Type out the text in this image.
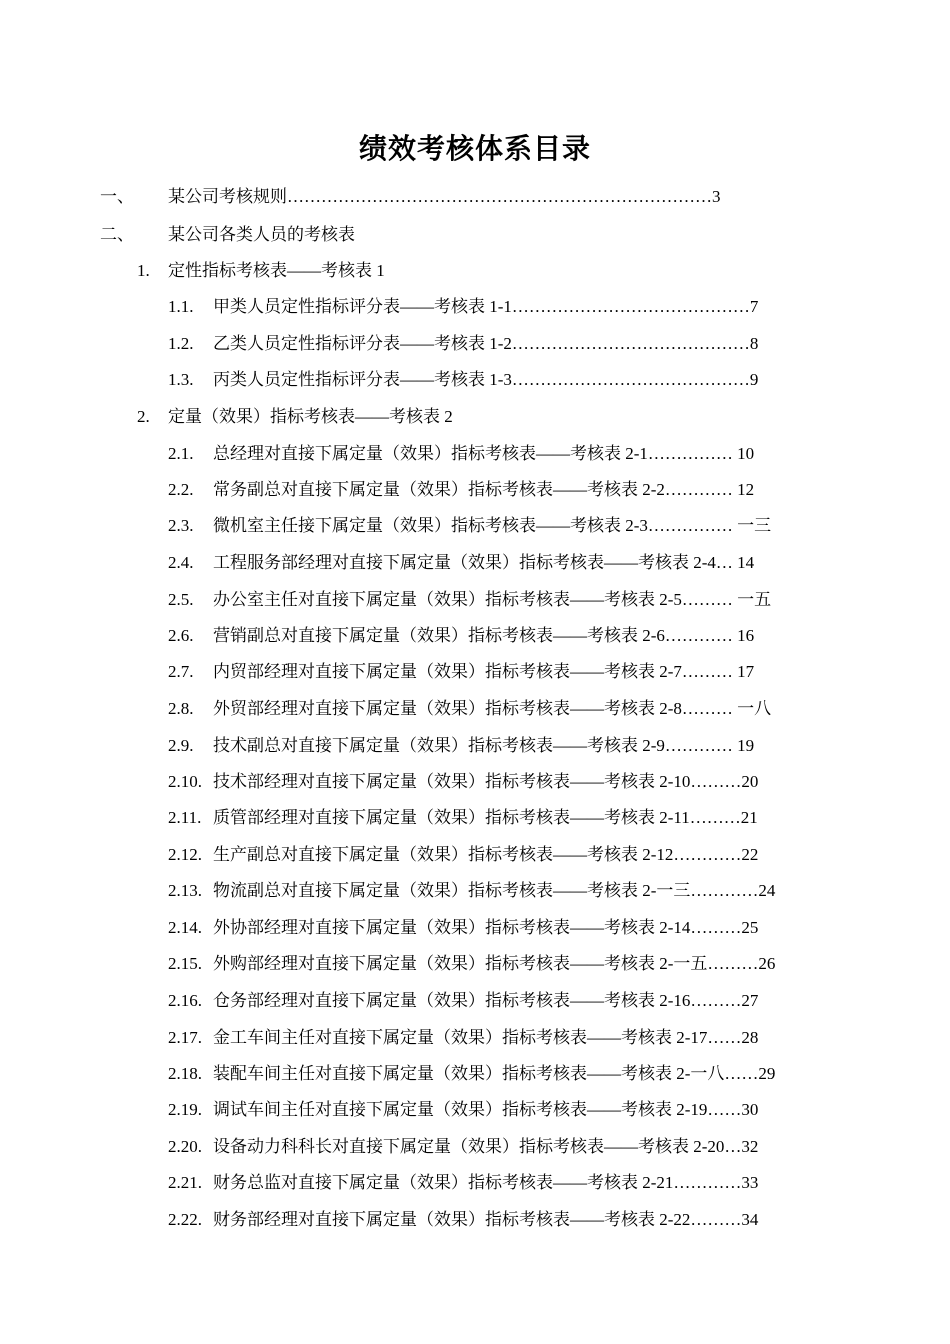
绩效考核体系目录
一、 某公司考核规则…………………………………………………………………3
二、 某公司各类人员的考核表
1. 定性指标考核表——考核表 1
1.1. 甲类人员定性指标评分表——考核表 1-1……………………………………7
1.2. 乙类人员定性指标评分表——考核表 1-2……………………………………8
1.3. 丙类人员定性指标评分表——考核表 1-3……………………………………9
2. 定量（效果）指标考核表——考核表 2
2.1. 总经理对直接下属定量（效果）指标考核表——考核表 2-1…………… 10
2.2. 常务副总对直接下属定量（效果）指标考核表——考核表 2-2………… 12
2.3. 微机室主任接下属定量（效果）指标考核表——考核表 2-3…………… 一三
2.4. 工程服务部经理对直接下属定量（效果）指标考核表——考核表 2-4… 14
2.5. 办公室主任对直接下属定量（效果）指标考核表——考核表 2-5……… 一五
2.6. 营销副总对直接下属定量（效果）指标考核表——考核表 2-6………… 16
2.7. 内贸部经理对直接下属定量（效果）指标考核表——考核表 2-7……… 17
2.8. 外贸部经理对直接下属定量（效果）指标考核表——考核表 2-8……… 一八
2.9. 技术副总对直接下属定量（效果）指标考核表——考核表 2-9………… 19
2.10. 技术部经理对直接下属定量（效果）指标考核表——考核表 2-10………20
2.11. 质管部经理对直接下属定量（效果）指标考核表——考核表 2-11………21
2.12. 生产副总对直接下属定量（效果）指标考核表——考核表 2-12…………22
2.13. 物流副总对直接下属定量（效果）指标考核表——考核表 2-一三…………24
2.14. 外协部经理对直接下属定量（效果）指标考核表——考核表 2-14………25
2.15. 外购部经理对直接下属定量（效果）指标考核表——考核表 2-一五………26
2.16. 仓务部经理对直接下属定量（效果）指标考核表——考核表 2-16………27
2.17. 金工车间主任对直接下属定量（效果）指标考核表——考核表 2-17……28
2.18. 装配车间主任对直接下属定量（效果）指标考核表——考核表 2-一八……29
2.19. 调试车间主任对直接下属定量（效果）指标考核表——考核表 2-19……30
2.20. 设备动力科科长对直接下属定量（效果）指标考核表——考核表 2-20…32
2.21. 财务总监对直接下属定量（效果）指标考核表——考核表 2-21…………33
2.22. 财务部经理对直接下属定量（效果）指标考核表——考核表 2-22………34
